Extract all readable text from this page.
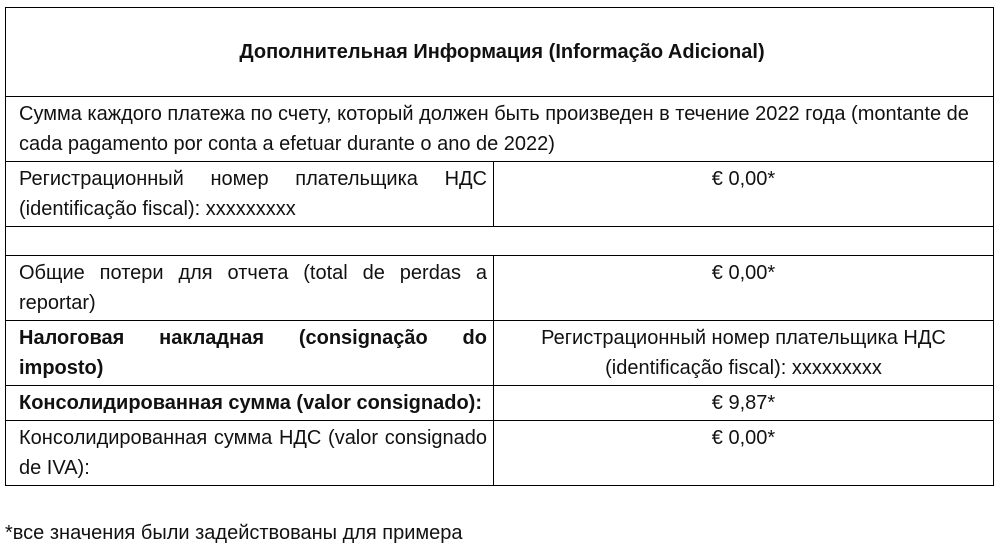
Дополнительная Информация (Informação Adicional)
Сумма каждого платежа по счету, который должен быть произведен в течение 2022 года (montante de cada pagamento por conta a efetuar durante o ano de 2022)
Регистрационный номер плательщика НДС (identificação fiscal): xxxxxxxxx
€ 0,00*
Общие потери для отчета (total de perdas a reportar)
€ 0,00*
Налоговая накладная (consignação do imposto)
Регистрационный номер плательщика НДС (identificação fiscal): xxxxxxxxx
Консолидированная сумма (valor consignado):	€ 9,87*
Консолидированная сумма НДС (valor consignado de IVA):
€ 0,00*
*все значения были задействованы для примера
